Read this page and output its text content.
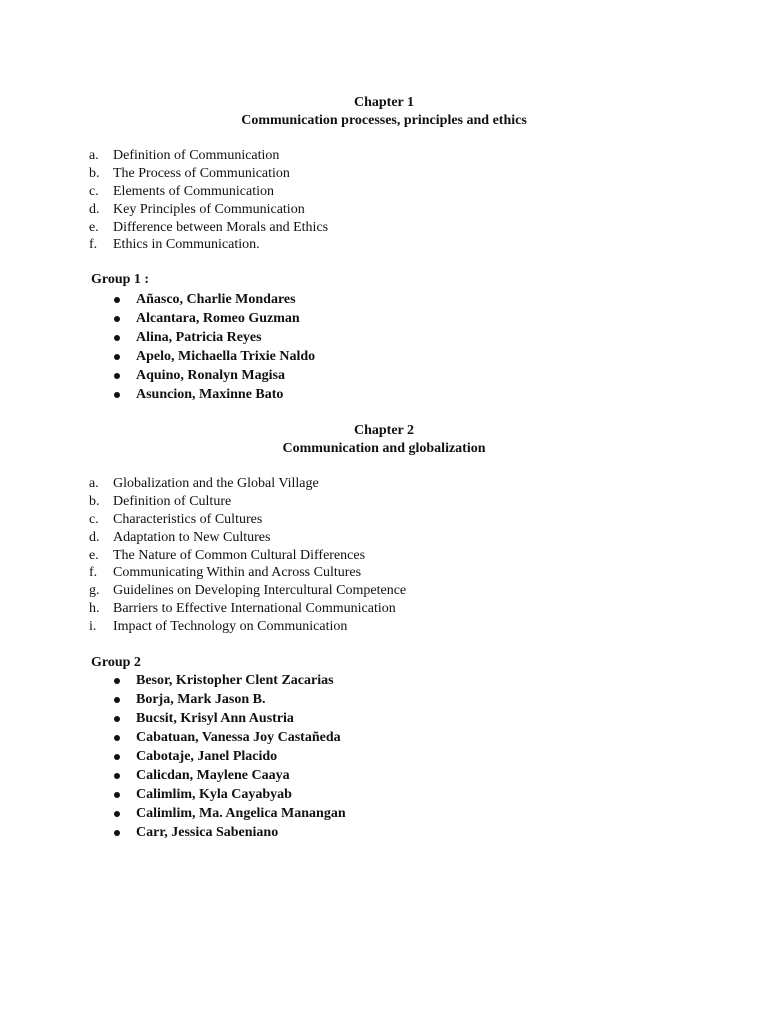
Chapter 1
Communication processes, principles and ethics
a. Definition of Communication
b. The Process of Communication
c. Elements of Communication
d. Key Principles of Communication
e. Difference between Morals and Ethics
f. Ethics in Communication.
Group 1 :
Añasco, Charlie Mondares
Alcantara, Romeo Guzman
Alina, Patricia Reyes
Apelo, Michaella Trixie Naldo
Aquino, Ronalyn Magisa
Asuncion, Maxinne Bato
Chapter 2
Communication and globalization
a. Globalization and the Global Village
b. Definition of Culture
c. Characteristics of Cultures
d. Adaptation to New Cultures
e. The Nature of Common Cultural Differences
f. Communicating Within and Across Cultures
g. Guidelines on Developing Intercultural Competence
h. Barriers to Effective International Communication
i. Impact of Technology on Communication
Group 2
Besor, Kristopher Clent Zacarias
Borja, Mark Jason B.
Bucsit, Krisyl Ann Austria
Cabatuan, Vanessa Joy Castañeda
Cabotaje, Janel Placido
Calicdan, Maylene Caaya
Calimlim, Kyla Cayabyab
Calimlim, Ma. Angelica Manangan
Carr, Jessica Sabeniano
